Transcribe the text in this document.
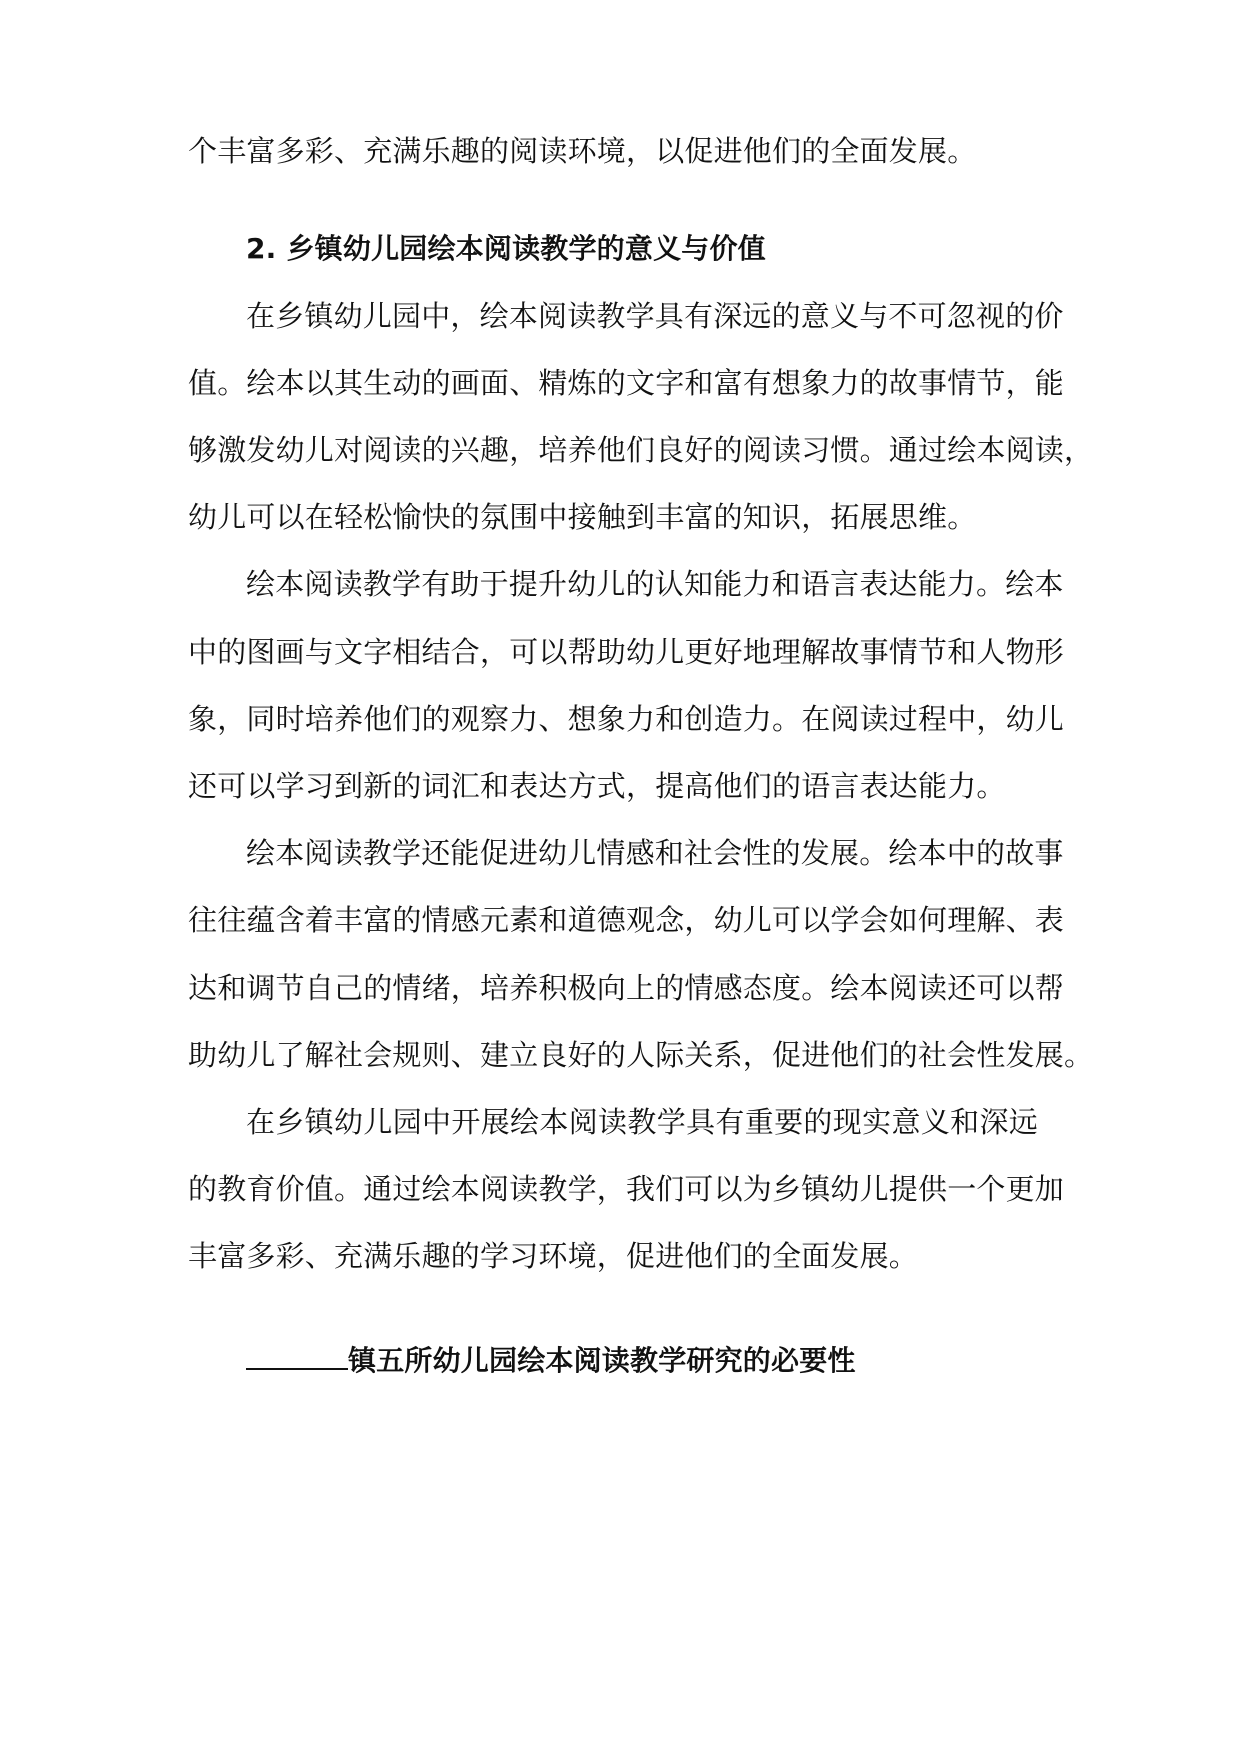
个丰富多彩、充满乐趣的阅读环境，以促进他们的全面发展。
2. 乡镇幼儿园绘本阅读教学的意义与价值
在乡镇幼儿园中，绘本阅读教学具有深远的意义与不可忽视的价
值。绘本以其生动的画面、精炼的文字和富有想象力的故事情节，能
够激发幼儿对阅读的兴趣，培养他们良好的阅读习惯。通过绘本阅读，
幼儿可以在轻松愉快的氛围中接触到丰富的知识，拓展思维。
绘本阅读教学有助于提升幼儿的认知能力和语言表达能力。绘本
中的图画与文字相结合，可以帮助幼儿更好地理解故事情节和人物形
象，同时培养他们的观察力、想象力和创造力。在阅读过程中，幼儿
还可以学习到新的词汇和表达方式，提高他们的语言表达能力。
绘本阅读教学还能促进幼儿情感和社会性的发展。绘本中的故事
往往蕴含着丰富的情感元素和道德观念，幼儿可以学会如何理解、表
达和调节自己的情绪，培养积极向上的情感态度。绘本阅读还可以帮
助幼儿了解社会规则、建立良好的人际关系，促进他们的社会性发展。
在乡镇幼儿园中开展绘本阅读教学具有重要的现实意义和深远
的教育价值。通过绘本阅读教学，我们可以为乡镇幼儿提供一个更加
丰富多彩、充满乐趣的学习环境，促进他们的全面发展。
镇五所幼儿园绘本阅读教学研究的必要性
